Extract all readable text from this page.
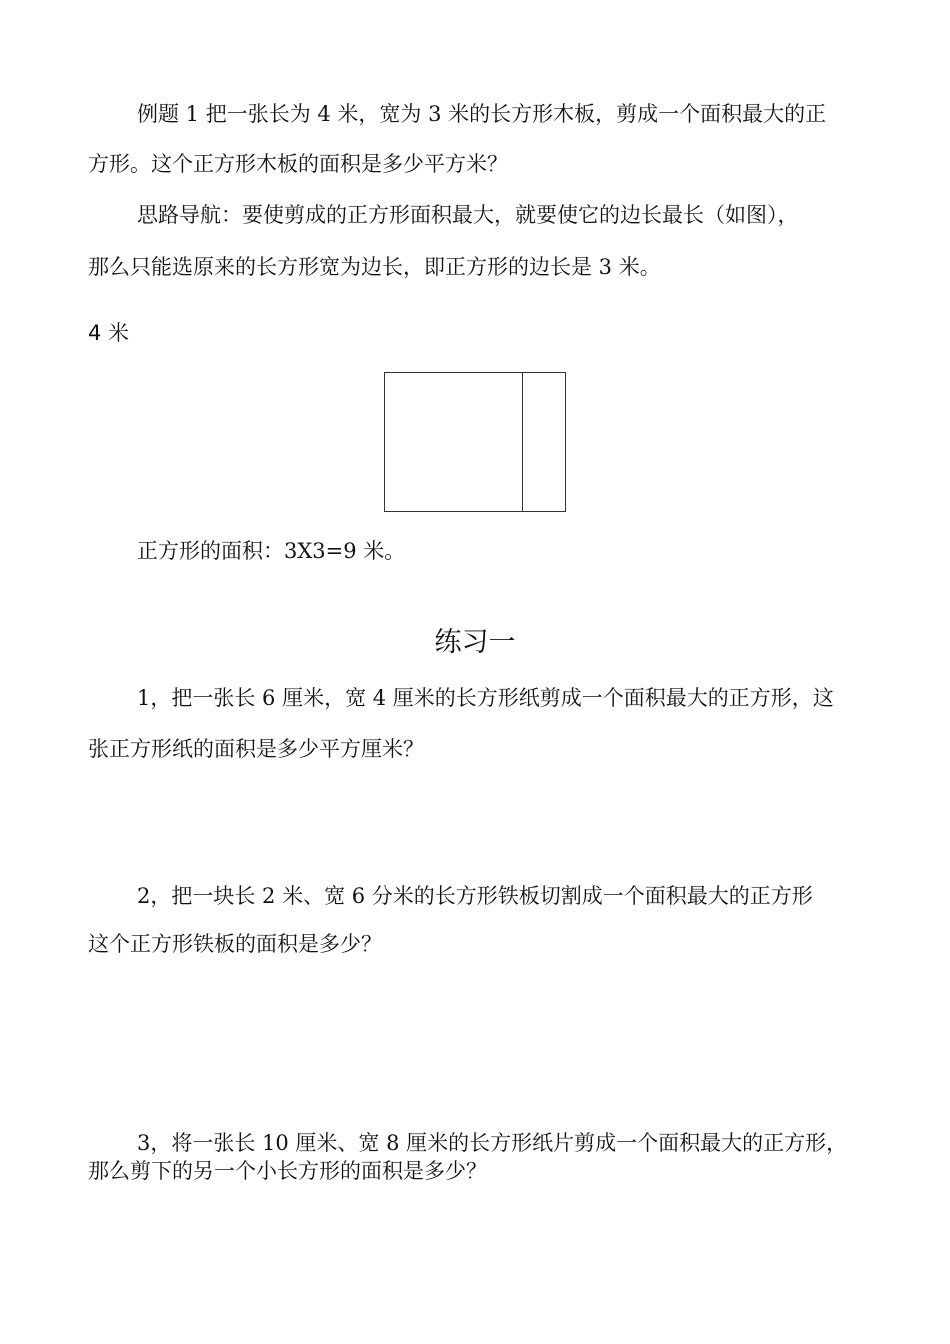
例题 1 把一张长为 4 米，宽为 3 米的长方形木板，剪成一个面积最大的正

方形。这个正方形木板的面积是多少平方米？

思路导航：要使剪成的正方形面积最大，就要使它的边长最长（如图），

那么只能选原来的长方形宽为边长，即正方形的边长是 3 米。

4 米

正方形的面积：3X3=9 米。

练习一

1，把一张长 6 厘米，宽 4 厘米的长方形纸剪成一个面积最大的正方形，这

张正方形纸的面积是多少平方厘米？

2，把一块长 2 米、宽 6 分米的长方形铁板切割成一个面积最大的正方形

这个正方形铁板的面积是多少？

3，将一张长 10 厘米、宽 8 厘米的长方形纸片剪成一个面积最大的正方形，

那么剪下的另一个小长方形的面积是多少？
